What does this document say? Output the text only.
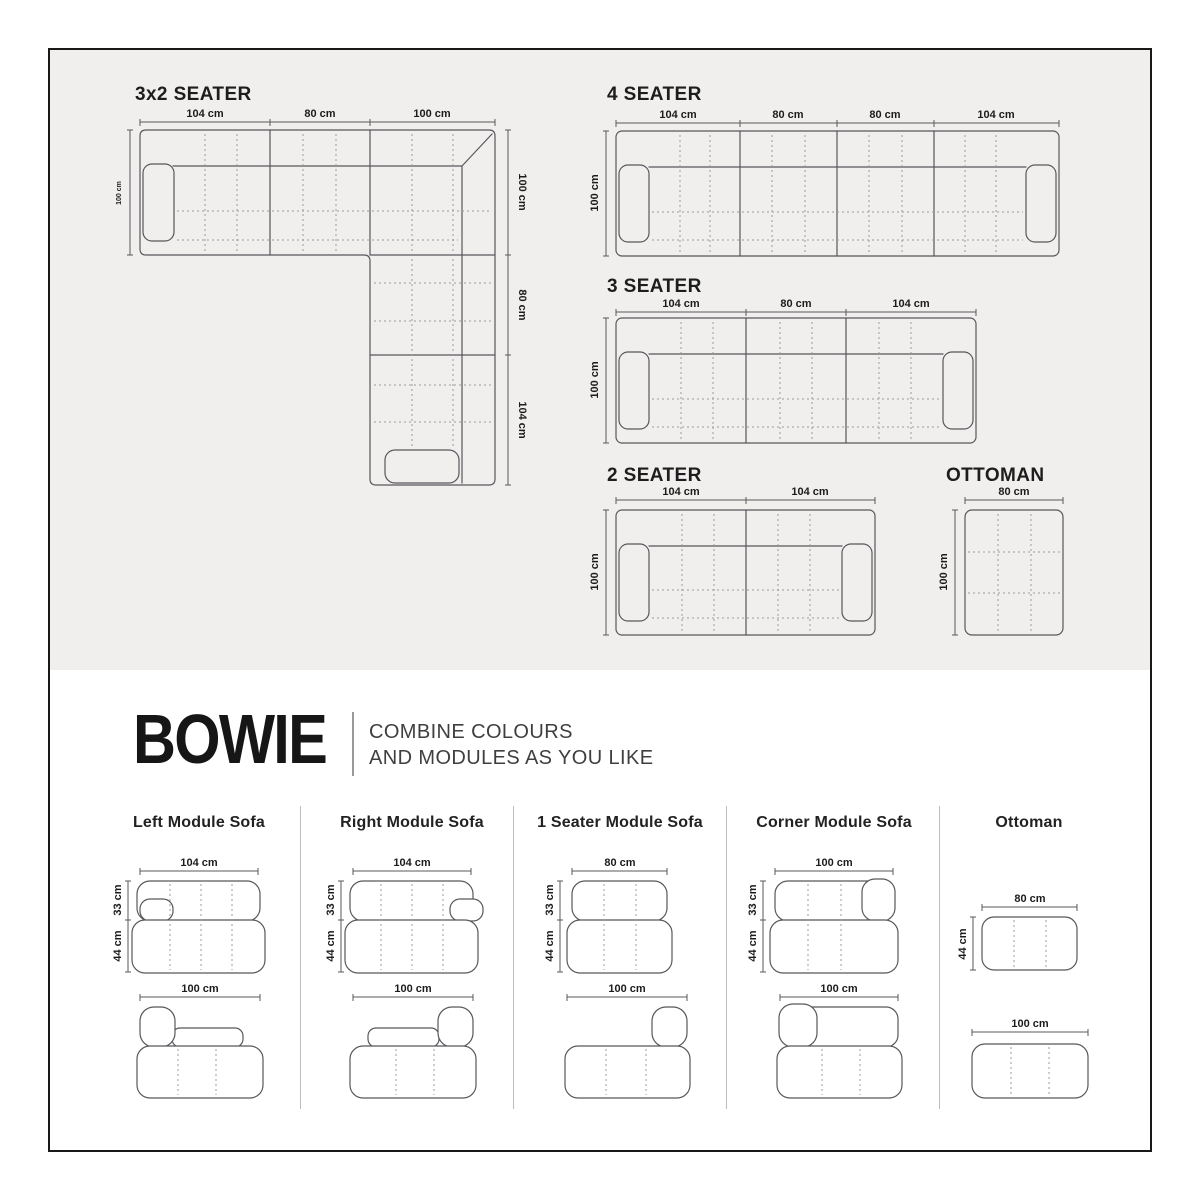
104 cm	80 cm	100 cm
100 cm	100 cm
80 cm
104 cm
104 cm	80 cm	80 cm	104 cm
100 cm
104 cm	80 cm	104 cm
100 cm
104 cm	104 cm
100 cm
80 cm
100 cm
104 cm
33 cm
44 cm
100 cm
104 cm
33 cm
44 cm
100 cm
80 cm
33 cm
44 cm
100 cm
100 cm
33 cm
44 cm
100 cm
80 cm
44 cm
100 cm
3x2 SEATER	4 SEATER
3 SEATER
2 SEATER	OTTOMAN
BOWIE COMBINE COLOURS
AND MODULES AS YOU LIKE
Left Module Sofa	Right Module Sofa	1 Seater Module Sofa	Corner Module Sofa	Ottoman
